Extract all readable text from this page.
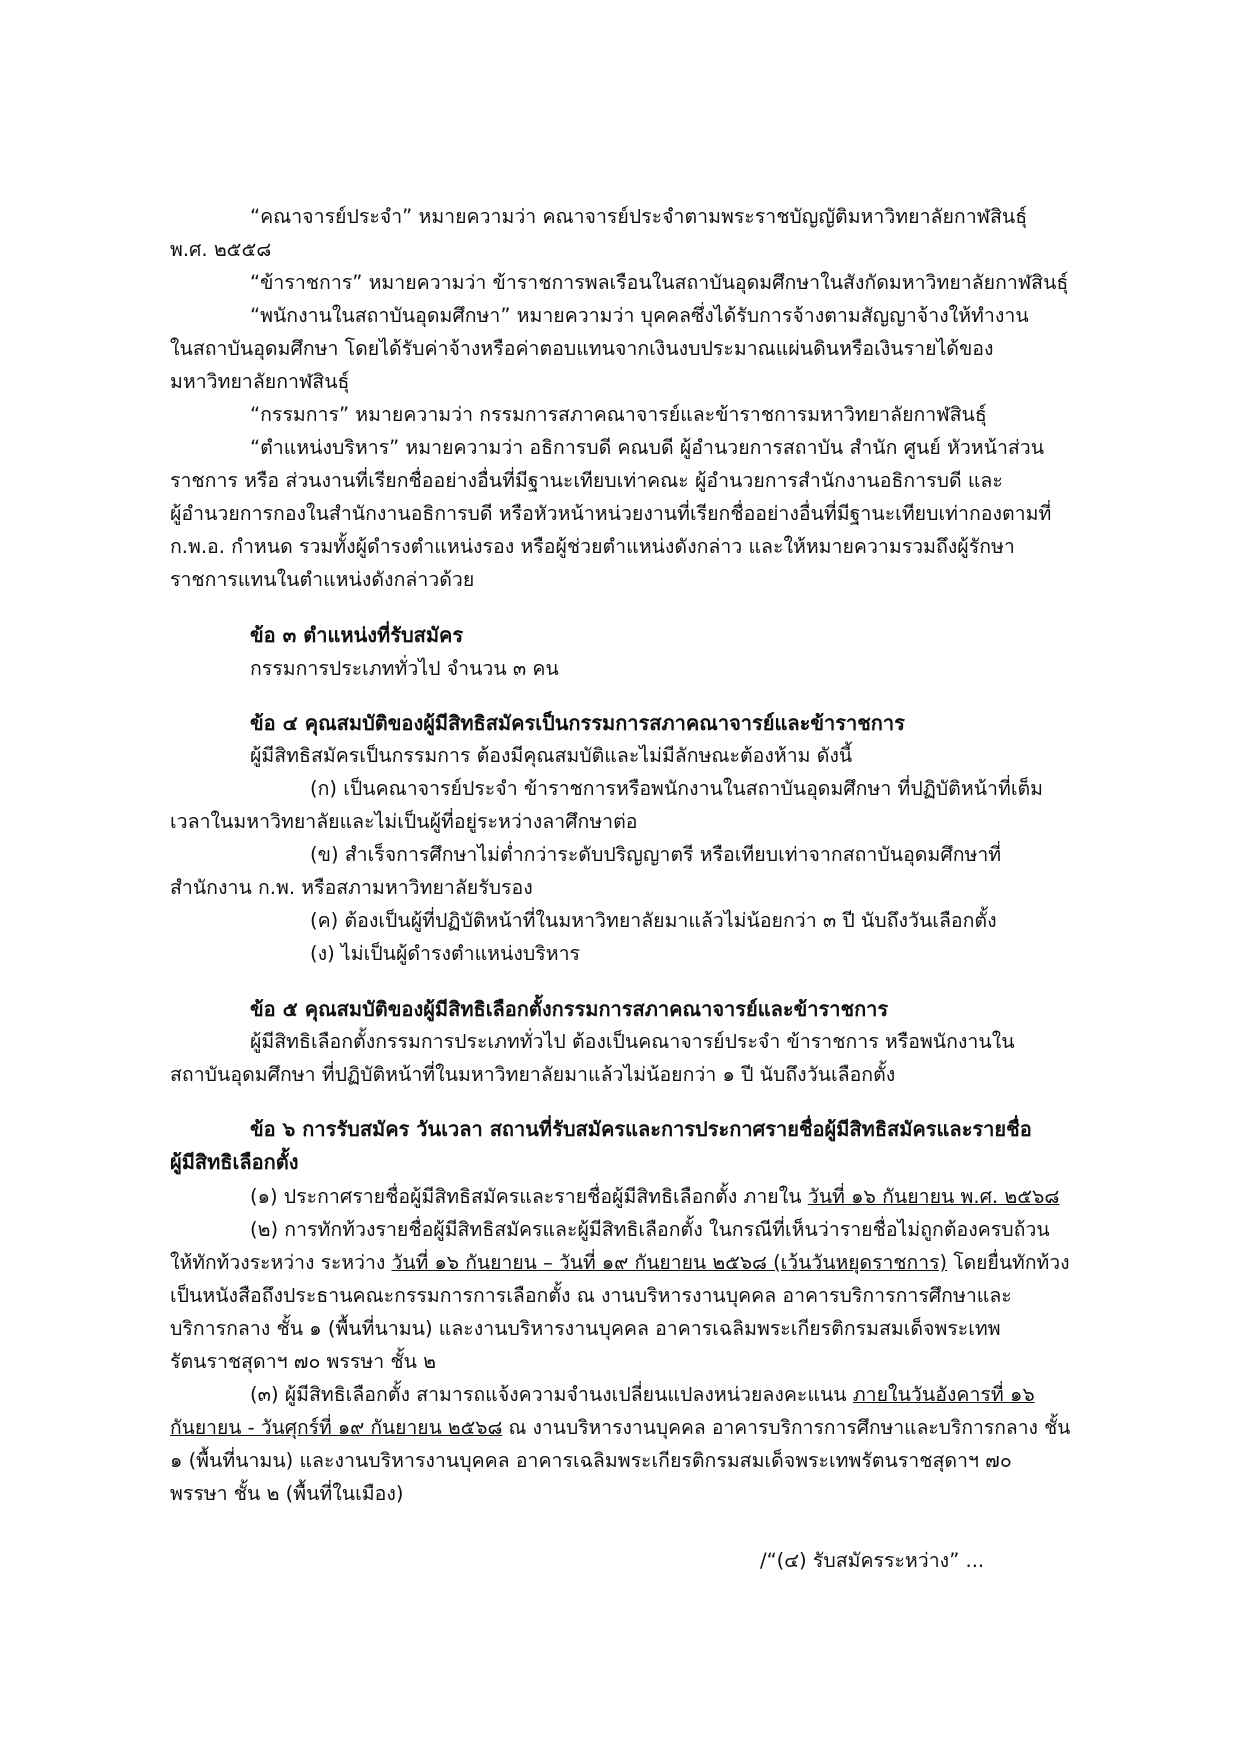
“คณาจารย์ประจำ” หมายความว่า คณาจารย์ประจำตามพระราชบัญญัติมหาวิทยาลัยกาฬสินธุ์
พ.ศ. ๒๕๕๘
“ข้าราชการ” หมายความว่า ข้าราชการพลเรือนในสถาบันอุดมศึกษาในสังกัดมหาวิทยาลัยกาฬสินธุ์
“พนักงานในสถาบันอุดมศึกษา” หมายความว่า บุคคลซึ่งได้รับการจ้างตามสัญญาจ้างให้ทำงาน
ในสถาบันอุดมศึกษา โดยได้รับค่าจ้างหรือค่าตอบแทนจากเงินงบประมาณแผ่นดินหรือเงินรายได้ของ
มหาวิทยาลัยกาฬสินธุ์
“กรรมการ” หมายความว่า กรรมการสภาคณาจารย์และข้าราชการมหาวิทยาลัยกาฬสินธุ์
“ตำแหน่งบริหาร” หมายความว่า อธิการบดี คณบดี ผู้อำนวยการสถาบัน สำนัก ศูนย์ หัวหน้าส่วน
ราชการ หรือ ส่วนงานที่เรียกชื่ออย่างอื่นที่มีฐานะเทียบเท่าคณะ ผู้อำนวยการสำนักงานอธิการบดี และ
ผู้อำนวยการกองในสำนักงานอธิการบดี หรือหัวหน้าหน่วยงานที่เรียกชื่ออย่างอื่นที่มีฐานะเทียบเท่ากองตามที่
ก.พ.อ. กำหนด รวมทั้งผู้ดำรงตำแหน่งรอง หรือผู้ช่วยตำแหน่งดังกล่าว และให้หมายความรวมถึงผู้รักษา
ราชการแทนในตำแหน่งดังกล่าวด้วย
ข้อ ๓ ตำแหน่งที่รับสมัคร
กรรมการประเภททั่วไป จำนวน ๓ คน
ข้อ ๔ คุณสมบัติของผู้มีสิทธิสมัครเป็นกรรมการสภาคณาจารย์และข้าราชการ
ผู้มีสิทธิสมัครเป็นกรรมการ ต้องมีคุณสมบัติและไม่มีลักษณะต้องห้าม ดังนี้
(ก) เป็นคณาจารย์ประจำ ข้าราชการหรือพนักงานในสถาบันอุดมศึกษา ที่ปฏิบัติหน้าที่เต็ม
เวลาในมหาวิทยาลัยและไม่เป็นผู้ที่อยู่ระหว่างลาศึกษาต่อ
(ข) สำเร็จการศึกษาไม่ต่ำกว่าระดับปริญญาตรี หรือเทียบเท่าจากสถาบันอุดมศึกษาที่
สำนักงาน ก.พ. หรือสภามหาวิทยาลัยรับรอง
(ค) ต้องเป็นผู้ที่ปฏิบัติหน้าที่ในมหาวิทยาลัยมาแล้วไม่น้อยกว่า ๓ ปี นับถึงวันเลือกตั้ง
(ง) ไม่เป็นผู้ดำรงตำแหน่งบริหาร
ข้อ ๕ คุณสมบัติของผู้มีสิทธิเลือกตั้งกรรมการสภาคณาจารย์และข้าราชการ
ผู้มีสิทธิเลือกตั้งกรรมการประเภททั่วไป ต้องเป็นคณาจารย์ประจำ ข้าราชการ หรือพนักงานใน
สถาบันอุดมศึกษา ที่ปฏิบัติหน้าที่ในมหาวิทยาลัยมาแล้วไม่น้อยกว่า ๑ ปี นับถึงวันเลือกตั้ง
ข้อ ๖ การรับสมัคร วันเวลา สถานที่รับสมัครและการประกาศรายชื่อผู้มีสิทธิสมัครและรายชื่อ
ผู้มีสิทธิเลือกตั้ง
(๑) ประกาศรายชื่อผู้มีสิทธิสมัครและรายชื่อผู้มีสิทธิเลือกตั้ง ภายใน วันที่ ๑๖ กันยายน พ.ศ. ๒๕๖๘
(๒) การทักท้วงรายชื่อผู้มีสิทธิสมัครและผู้มีสิทธิเลือกตั้ง ในกรณีที่เห็นว่ารายชื่อไม่ถูกต้องครบถ้วน
ให้ทักท้วงระหว่าง ระหว่าง วันที่ ๑๖ กันยายน – วันที่ ๑๙ กันยายน ๒๕๖๘ (เว้นวันหยุดราชการ) โดยยื่นทักท้วง
เป็นหนังสือถึงประธานคณะกรรมการการเลือกตั้ง ณ งานบริหารงานบุคคล อาคารบริการการศึกษาและ
บริการกลาง ชั้น ๑ (พื้นที่นามน) และงานบริหารงานบุคคล อาคารเฉลิมพระเกียรติกรมสมเด็จพระเทพ
รัตนราชสุดาฯ ๗๐ พรรษา ชั้น ๒
(๓) ผู้มีสิทธิเลือกตั้ง สามารถแจ้งความจำนงเปลี่ยนแปลงหน่วยลงคะแนน ภายในวันอังคารที่ ๑๖
กันยายน - วันศุกร์ที่ ๑๙ กันยายน ๒๕๖๘ ณ งานบริหารงานบุคคล อาคารบริการการศึกษาและบริการกลาง ชั้น
๑ (พื้นที่นามน) และงานบริหารงานบุคคล อาคารเฉลิมพระเกียรติกรมสมเด็จพระเทพรัตนราชสุดาฯ ๗๐
พรรษา ชั้น ๒ (พื้นที่ในเมือง)
/“(๔) รับสมัครระหว่าง” ...
